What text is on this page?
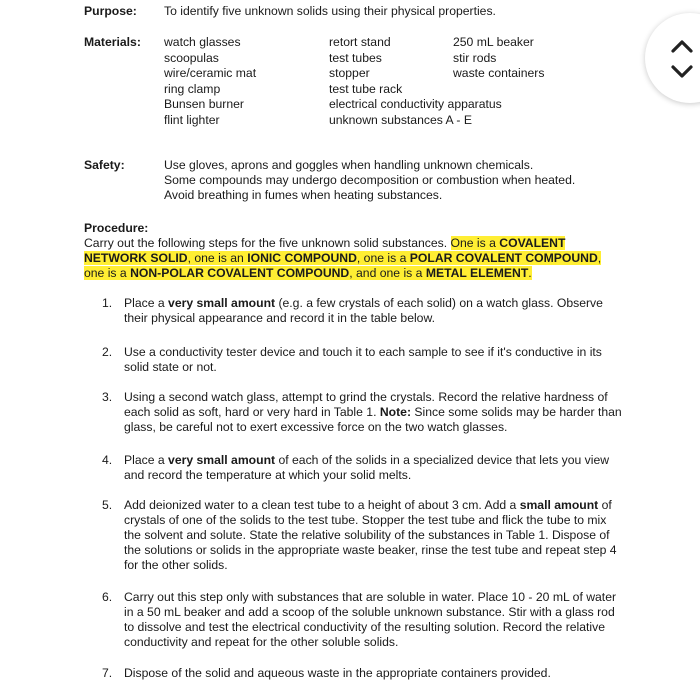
Purpose: To identify five unknown solids using their physical properties.
Materials: watch glasses
scoopulas
wire/ceramic mat
ring clamp
Bunsen burner
flint lighter
retort stand
test tubes
stopper
test tube rack
electrical conductivity apparatus
unknown substances A - E
250 mL beaker
stir rods
waste containers
Safety:	Use gloves, aprons and goggles when handling unknown chemicals.
Some compounds may undergo decomposition or combustion when heated.
Avoid breathing in fumes when heating substances.
Procedure:
Carry out the following steps for the five unknown solid substances. One is a COVALENT NETWORK SOLID, one is an IONIC COMPOUND, one is a POLAR COVALENT COMPOUND, one is a NON-POLAR COVALENT COMPOUND, and one is a METAL ELEMENT.
1. Place a very small amount (e.g. a few crystals of each solid) on a watch glass. Observe their physical appearance and record it in the table below.
2. Use a conductivity tester device and touch it to each sample to see if it's conductive in its solid state or not.
3. Using a second watch glass, attempt to grind the crystals. Record the relative hardness of each solid as soft, hard or very hard in Table 1. Note: Since some solids may be harder than glass, be careful not to exert excessive force on the two watch glasses.
4. Place a very small amount of each of the solids in a specialized device that lets you view and record the temperature at which your solid melts.
5. Add deionized water to a clean test tube to a height of about 3 cm. Add a small amount of crystals of one of the solids to the test tube. Stopper the test tube and flick the tube to mix the solvent and solute. State the relative solubility of the substances in Table 1. Dispose of the solutions or solids in the appropriate waste beaker, rinse the test tube and repeat step 4 for the other solids.
6. Carry out this step only with substances that are soluble in water. Place 10 - 20 mL of water in a 50 mL beaker and add a scoop of the soluble unknown substance. Stir with a glass rod to dissolve and test the electrical conductivity of the resulting solution. Record the relative conductivity and repeat for the other soluble solids.
7. Dispose of the solid and aqueous waste in the appropriate containers provided.
